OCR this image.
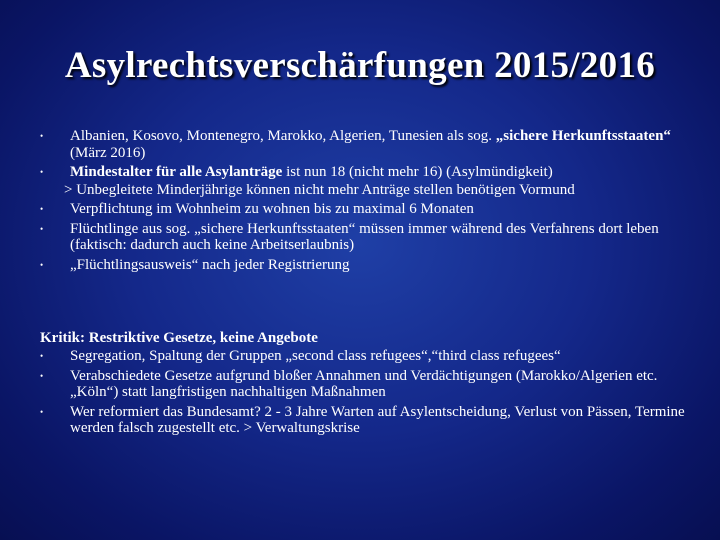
Asylrechtsverschärfungen 2015/2016
• Albanien, Kosovo, Montenegro, Marokko, Algerien, Tunesien als sog. „sichere Herkunftsstaaten“ (März 2016)
• Mindestalter für alle Asylanträge ist nun 18 (nicht mehr 16) (Asylmündigkeit)
> Unbegleitete Minderjährige können nicht mehr Anträge stellen benötigen Vormund
• Verpflichtung im Wohnheim zu wohnen bis zu maximal 6 Monaten
• Flüchtlinge aus sog. „sichere Herkunftsstaaten“ müssen immer während des Verfahrens dort leben (faktisch: dadurch auch keine Arbeitserlaubnis)
• „Flüchtlingsausweis“ nach jeder Registrierung
Kritik: Restriktive Gesetze, keine Angebote
• Segregation, Spaltung der Gruppen „second class refugees“,“third class refugees“
• Verabschiedete Gesetze aufgrund bloßer Annahmen und Verdächtigungen (Marokko/Algerien etc. „Köln“) statt langfristigen nachhaltigen Maßnahmen
• Wer reformiert das Bundesamt? 2 - 3 Jahre Warten auf Asylentscheidung, Verlust von Pässen, Termine werden falsch zugestellt etc. > Verwaltungskrise
